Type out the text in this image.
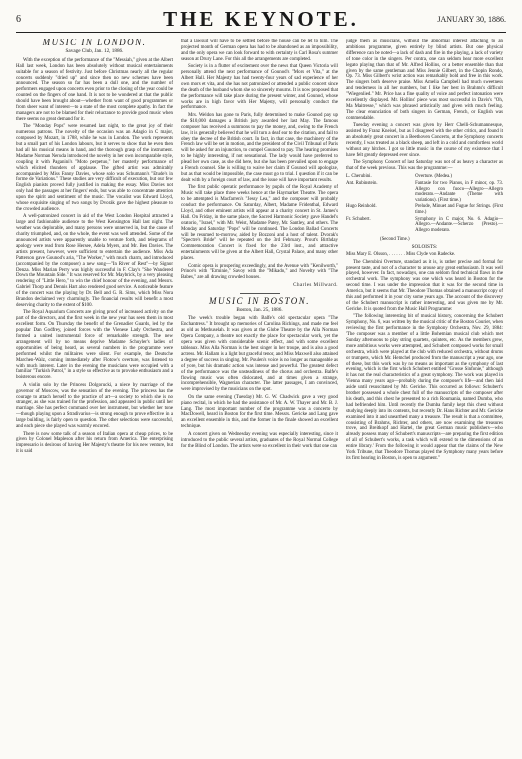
6	THE KEYNOTE.	JANUARY 30, 1886.
MUSIC IN LONDON.
Savage Club, Jan. 12, 1886.

With the exception of the performance of the "Messiah," given at the Albert Hall last week, London has been absolutely without musical entertainments suitable for a season of festivity. Just before Christmas nearly all the regular concerts suddenly "dried up" and since then no new schemes have been announced. The season so far has been a dull one, and the number of performers engaged upon concerts even prior to the closing of the year could be counted on the fingers of one hand. It is not to be wondered at that the public should have been brought about—whether from want of good programmes or from sheer want of interest—to a state of the most complete apathy. In fact the managers are not to be blamed for their reluctance to provide good music when there seems no great demand for it.

The "Monday Pops" were resumed last night, to the great joy of their numerous patrons. The novelty of the occasion was an Adagio in C major, composed by Mozart, in 1788, while he was in London. The work represents but a small part of his London labours, but it serves to show that he even then had all his musical means in hand, and the thorough grasp of the instrument. Madame Norman Neruda introduced the novelty in her own incomparable style, coupling it with Paganini's "Moto perpetuo," her masterly performance of which elicited thunders of applause. The gifted artist was admirably accompanied by Miss Fanny Davies, whose solo was Schumann's "Etude's in forme de Variations." These studies are very difficult of execution, but our few English pianists proved fully justified in making the essay. Miss Davies not only had the passages at her fingers' ends, but was able to concentrate attention upon the spirit and sentiment of the music. The vocalist was Edward Lloyd, whose exquisite singing of two songs by Dvorák gave the highest pleasure to the crowded audience.

A well-patronized concert in aid of the West London Hospital attracted a large and fashionable audience to the West Kensington Hall last night. The weather was deplorable, and many persons were unnerved in, but the cause of charity triumphed, and, on the whole, the event was well attended. Some of the announced artists were apparently unable to venture forth, and telegrams of apology were read from Rose Hersee, Adela Myers, and Mr. Ben Davies. The artists present, however, were sufficient to entertain the audience. Miss Ada Patterson gave Gounod's aria, "The Worker," with much charm, and introduced (accompanied by the composer) a new song—"In River of Rest"—by Signor Denza. Miss Marian Perry was highly successful in F. Clay's "She Wandered Down the Mountain Side." It was reserved for Mr. Maybrick, by a very pleasing rendering of "Little Hero," to win the chief honour of the evening, and Messrs. Gabriel Thorp and Dennis Hart also rendered good service. A noticeable feature of the concert was the playing by Dr. Bell and G. R. Sims, which Miss Nora Brandon declaimed very charmingly. The financial results will benefit a most deserving charity to the extent of $100.

The Royal Aquarium Concerts are giving proof of increased activity on the part of the directors, and the first week in the new year has seen them in most excellent form. On Thursday the benefit of the Grenadier Guards, led by the popular Dan Godfrey, joined forces with the Vienese Lady Orchestra, and formed a united instrumental force of remarkable strength. The new arrangement will by no means deprive Madame Schuyler's ladies of opportunities of being heard, as several numbers in the programme were performed whilst the militaires were silent. For example, the Deutsche Marchen-Walz, coming immediately after Flotow's overture, was listened to with much interest. Later in the evening the musicians were occupied with a familiar "Turkish Patrol," in a style so effective as to provoke enthusiasm and a boisterous encore.

A violin solo by the Princess Dolgorucki, a niece by marriage of the governor of Moscow, was the sensation of the evening. The princess has the courage to attach herself to the practice of art—a society to which she is no stranger, as she was trained for the profession, and appeared in public until her marriage. She has perfect command over her instrument, but whether her tone—though playing upon a Stradivarius—is strong enough to prove effective in a large building, is fairly open to question. The other selections were successful, and each piece she played was warmly encored.

There is now some talk of a season of Italian opera at cheap prices, to be given by Colonel Mapleson after his return from America. The enterprising impressario is desirous of having Her Majesty's theatre for his new venture, but it is said

that a lawsuit will have to be settled before the house can be let to him. The projected month of German opera has had to be abandoned as an impossibility, and the only opera we can look forward to with certainty is Carl Rosa's summer season at Drury Lane. For this all the arrangements are completed.

Society is in a flutter of excitement over the news that Queen Victoria will personally attend the next performance of Gounod's "Mors et Vita," at the Albert Hall. Her Majesty has had twenty-four years of sad experience of her own mors et vita, and she has not patronized or attended a public concert since the death of the husband whom she so sincerely mourns. It is now proposed that the performance will take place during the present winter, and Gounod, whose works are in high favor with Her Majesty, will personally conduct the performance.

Mrs. Weldon has gone to Paris, fully determined to make Gounod pay up the $10,000 damages a British jury awarded her last May. The famous composer has received a summons to pay the money, and, owing to the French law, it is generally believed that he will turn a deaf ear to the citation, and fail to obey the decree of the British court. In fact, in that case, the machinery of the French law will be set in motion, and the president of the Civil Tribunal of Paris will be asked for an injunction, to compel Gounod to pay. The hearing promises to be highly interesting, if not sensational. The lady would have preferred to plead her own case, as she did here, but she has been prevailed upon to engage a French counsel. She is willing to waive her claim if Gounod will apologize, but as that would be impossible, the case must go to trial. I question if it can be dealt with by a foreign court of law, and the issue will have important results.

The first public operatic performance by pupils of the Royal Academy of Music will take place three weeks hence at the Haymarket Theatre. The opera to be attempted is Macfarren's "Jessy Lea," and the composer will probably conduct the performance. On Saturday, Albert, Madame Fridenthal, Edward Lloyd, and other eminent artists will appear at a charity concert in St. James's Hall. On Friday, in the same place, the Sacred Harmonic Society gave Handel's oratorio, "Israel," with Mr. Weist, Madame Patey, Mr. Santley, and others. The Monday and Saturday "Pops" will be continued. The London Ballad Concerts will be resumed to-morrow, aided by Bozzoni and a host of talent. Dvorak's "Spectre's Bride" will be repeated on the 3rd February. Prout's Birthday Commemoration Concert is fixed for the 23rd inst., and attractive entertainments will be given at the Albert Hall, Crystal Palace, and many other places.

Comic opera is prospering exceedingly, and the Avenue with "Kenilworth," Prince's with "Erminie," Savoy with the "Mikado," and Novelty with "The Babes," are all drawing crowded houses.

Charles Millward.
MUSIC IN BOSTON.
Boston, Jan. 25, 1886.

The week's trouble began with Balfe's old spectacular opera "The Enchantress." It brought up memories of Carolina Richings, and made me feel as old as Methuselah. It was given at the Globe Theatre by the Alla Norman Opera Company, a theatre not exactly the place for spectacular work, yet the opera was given with considerable scenic effect, and with some excellent tableaux. Miss Alla Norman is the best singer in her troupe, and is also a good actress. Mr. Hallam is a light but graceful tenor, and Miss Maxwell also attained a degree of success in singing. Mr. Poulen's voice is no longer as manageable as of yore, but his dramatic action was intense and powerful. The greatest defect of the performance was the unsteadiness of the chorus and orchestra. Balfe's flowing music was often dislocated, and at times given a strange, incomprehensible, Wagnerian character. The latter passages, I am convinced, were improvised by the musicians on the spot.

On the same evening (Tuesday) Mr. G. W. Chadwick gave a very good piano recital, in which he had the assistance of Mr. A. W. Thayer and Mr. B. J. Lang. The most important number of the programme was a concerto by MacDowell, heard in Boston for the first time. Messrs. Gericke and Lang gave an excellent ensemble in this, and the former in the finale showed an excellent technique.

A concert given on Wednesday evening was especially interesting, since it introduced to the public several artists, graduates of the Royal Normal College for the Blind of London. The artists were so excellent in their work that one can

judge them as musicians, without the abnormal interest attaching to an ambitious programme, given entirely by blind artists. But one physical difference can be noted—a lack of dash and fire in the playing, a lack of variety of tone color in the singers. Per contra, one can seldom hear more excellent legato playing than that of Mr. Alfred Hollins, or a better ensemble than that given by the same gentleman and Miss Jennie Gilbert, in the Chopin Rondo, Op. 73. Miss Gilbert's wrist action was remarkably bold and free in this work. The singers both deserve praise. Miss Amelia Campbell had much sweetness and tenderness in all her numbers, but I like her best in Brahms's difficult "Wiegenlied." Mr. Price has a fine quality of voice and perfect intonation were excellently displayed. Mr. Hollins' piece was most successful in Davis's "Oh, Ma Maitresse," which was phrased artistically and given with much feeling. The clear enunciation of both singers in German, French, or English was commendable.

Tuesday evening a concert was given by Herr Chelli-Schumannesque, assisted by Franz Kneisel, but as I disagreed with the other critics, and found it an absolutely great concert in a Beethoven Concerto, at the Symphony concerts recently, I was treated as a black sheep, and left in a cold and comfortless world without any hitches. I got so little music in the course of my existence that I have felt greatly depressed ever since.

The Symphony Concert of last Saturday was not of as heavy a character as that of the week previous. This was the programme:—

L. Cherubini.	Overture. (Medea.)
Ant. Rubinstein.	Fantasie for two Pianos, in F minor, op. 73. Allegro con fuoco—Allegro—Allegro moderato.—Andante (Theme with variations). (First time.)
Hugo Reinhold.	Prelude, Minuet and Fugue for Strings. (First time.)
Fr. Schubert.	Symphony in C major, No. 6. Adagio—Allegro.—Andante.—Scherzo (Presto).—Allegro moderato.
(Second Time.)
SOLOISTS:
Miss Mary E. Olsson, . . . . . . . Miss Clyde von Radecke.

The Cherubini Overture, standard as it is, is rather precise and formal for present taste, and not of a character to arouse any great enthusiasm. It was well played, however. In fact, nowadays, one can seldom find technical flaws in the orchestral work. The symphony was one which was heard in Boston for the second time. I was under the impression that it was for the second time in America, but it seems that Mr. Theodore Thomas obtained a manuscript copy of this and performed it in your city some years ago. The account of the discovery of the Schubert manuscript is rather interesting, and was given me by Mr. Gericke. It is quoted from the Music Hall Programme:

"The following interesting bit of musical history, concerning the Schubert Symphony, No. 6, was written by the musical critic of the Boston Courier, when reviewing the first performance in the Symphony Orchestra, Nov. 29, 1884: 'The composer was a member of a little Bohemian musical club which met Sunday afternoons to play string quartets, quintets, etc. As the members grew, more ambitious works were attempted, and Schubert composed works for small orchestra, which were played at the club with reduced orchestra, without drums or trumpets, which Mr. Hemchel produced from the manuscript a year ago, one of these, but this work was by no means as important as the symphony of last evening, which is the first which Schubert entitled "Grosse Sinfonie," although it has not the real characteristics of a great symphony. The work was played in Vienna many years ago—probably during the composer's life—and then laid aside until resuscitated by Mr. Gericke. This occurred as follows: Schubert's brother possessed a whole chest full of the manuscripts of the composer after his death, and this chest he presented to a rich Roumania, named Dumba, who had befriended him. Until recently the Dumba family kept this chest without studying deeply into its contents, but recently Dr. Hans Richter and Mr. Gericke examined into it and unearthed many a treasure. The result is that a committee, consisting of Brahms, Richter, and others, are now examining the treasures trove, and Breitkopf and Hartel, the great German music publishers—who already possess many of Schubert's manuscripts—are preparing the first edition of all of Schubert's works, a task which will extend to the dimensions of an entire library.' From the following it would appear that the claims of the New York Tribune, that Theodore Thomas played the Symphony many years before its first hearing in Boston, is open to argument."
